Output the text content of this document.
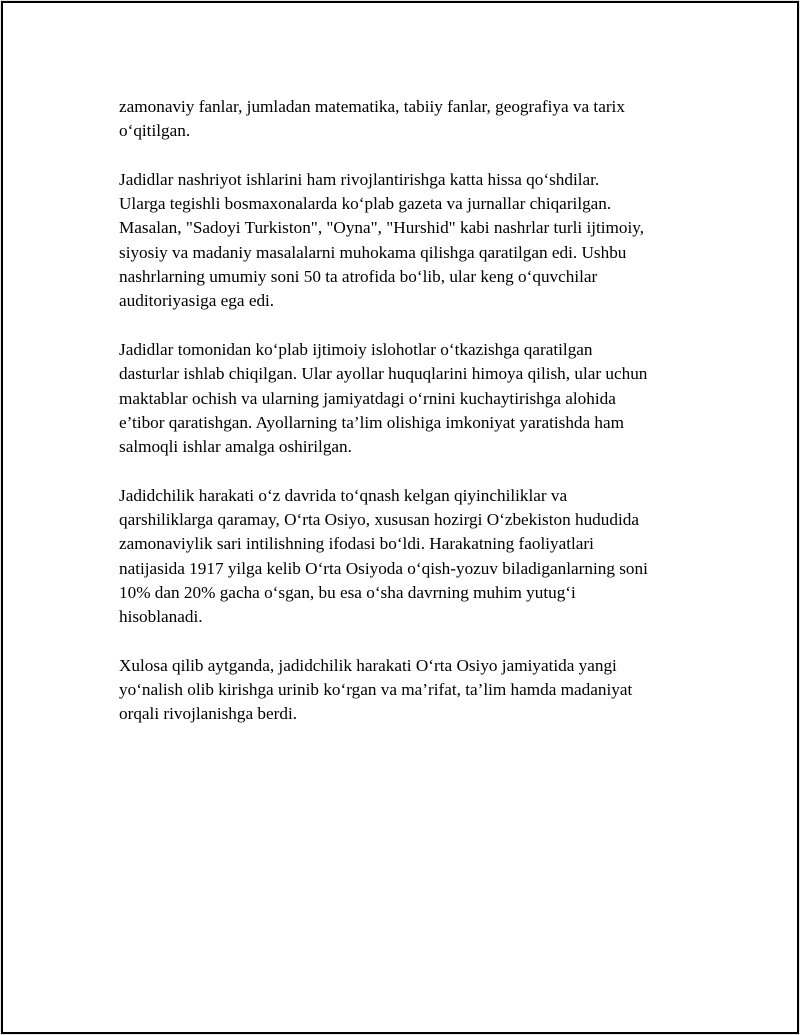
zamonaviy fanlar, jumladan matematika, tabiiy fanlar, geografiya va tarix
o‘qitilgan.

Jadidlar nashriyot ishlarini ham rivojlantirishga katta hissa qo‘shdilar.
Ularga tegishli bosmaxonalarda ko‘plab gazeta va jurnallar chiqarilgan.
Masalan, "Sadoyi Turkiston", "Oyna", "Hurshid" kabi nashrlar turli ijtimoiy,
siyosiy va madaniy masalalarni muhokama qilishga qaratilgan edi. Ushbu
nashrlarning umumiy soni 50 ta atrofida bo‘lib, ular keng o‘quvchilar
auditoriyasiga ega edi.

Jadidlar tomonidan ko‘plab ijtimoiy islohotlar o‘tkazishga qaratilgan
dasturlar ishlab chiqilgan. Ular ayollar huquqlarini himoya qilish, ular uchun
maktablar ochish va ularning jamiyatdagi o‘rnini kuchaytirishga alohida
e’tibor qaratishgan. Ayollarning ta’lim olishiga imkoniyat yaratishda ham
salmoqli ishlar amalga oshirilgan.

Jadidchilik harakati o‘z davrida to‘qnash kelgan qiyinchiliklar va
qarshiliklarga qaramay, O‘rta Osiyo, xususan hozirgi O‘zbekiston hududida
zamonaviylik sari intilishning ifodasi bo‘ldi. Harakatning faoliyatlari
natijasida 1917 yilga kelib O‘rta Osiyoda o‘qish-yozuv biladiganlarning soni
10% dan 20% gacha o‘sgan, bu esa o‘sha davrning muhim yutug‘i
hisoblanadi.

Xulosa qilib aytganda, jadidchilik harakati O‘rta Osiyo jamiyatida yangi
yo‘nalish olib kirishga urinib ko‘rgan va ma’rifat, ta’lim hamda madaniyat
orqali rivojlanishga berdi.
